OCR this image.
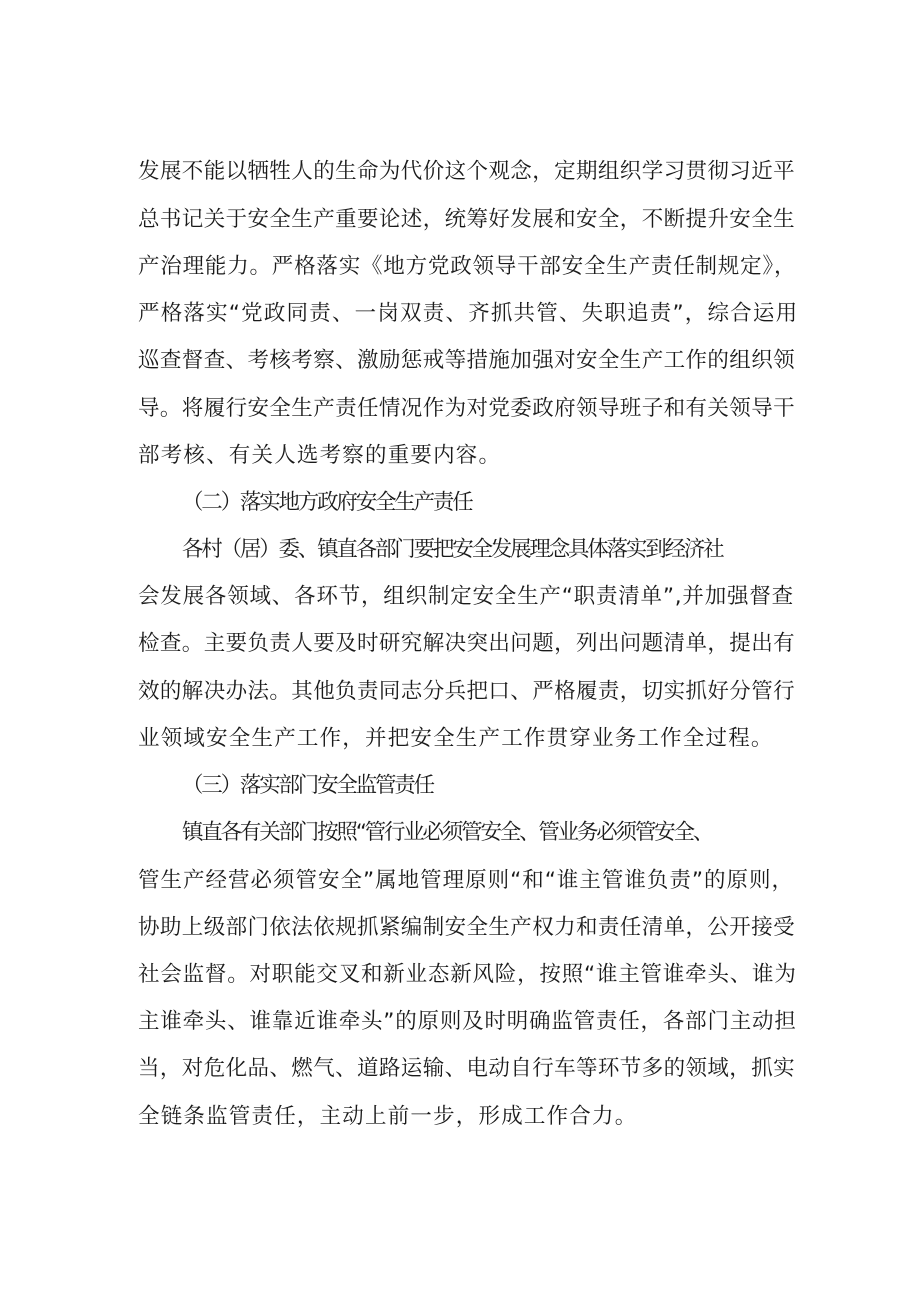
发展不能以牺牲人的生命为代价这个观念，定期组织学习贯彻习近平
总书记关于安全生产重要论述，统筹好发展和安全，不断提升安全生
产治理能力。严格落实《地方党政领导干部安全生产责任制规定》，
严格落实“党政同责、一岗双责、齐抓共管、失职追责”，综合运用
巡查督查、考核考察、激励惩戒等措施加强对安全生产工作的组织领
导。将履行安全生产责任情况作为对党委政府领导班子和有关领导干
部考核、有关人选考察的重要内容。
（二）落实地方政府安全生产责任
各村（居）委、镇直各部门要把安全发展理念具体落实到经济社
会发展各领域、各环节，组织制定安全生产“职责清单”,并加强督查
检查。主要负责人要及时研究解决突出问题，列出问题清单，提出有
效的解决办法。其他负责同志分兵把口、严格履责，切实抓好分管行
业领域安全生产工作，并把安全生产工作贯穿业务工作全过程。
（三）落实部门安全监管责任
镇直各有关部门按照“管行业必须管安全、管业务必须管安全、
管生产经营必须管安全”属地管理原则“和“谁主管谁负责”的原则，
协助上级部门依法依规抓紧编制安全生产权力和责任清单，公开接受
社会监督。对职能交叉和新业态新风险，按照“谁主管谁牵头、谁为
主谁牵头、谁靠近谁牵头”的原则及时明确监管责任，各部门主动担
当，对危化品、燃气、道路运输、电动自行车等环节多的领域，抓实
全链条监管责任，主动上前一步，形成工作合力。
